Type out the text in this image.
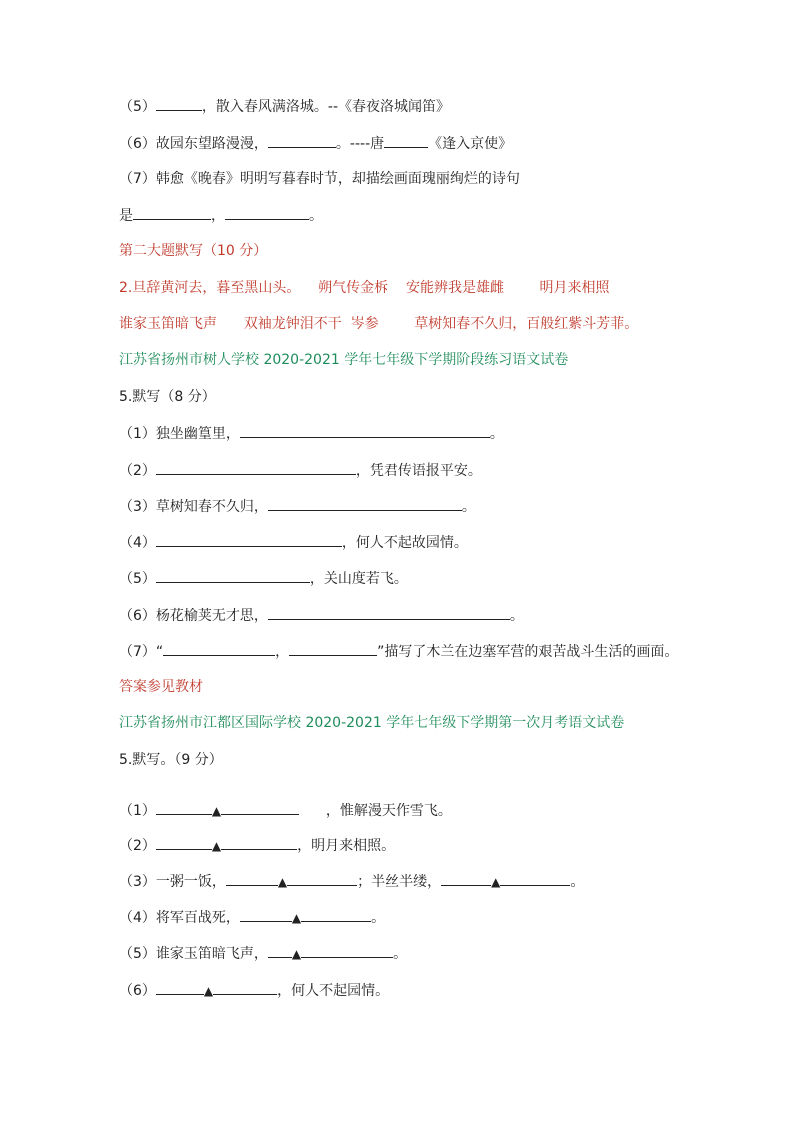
（5）	，散入春风满洛城。--《春夜洛城闻笛》
（6）故园东望路漫漫，	。----唐	《逢入京使》
（7）韩愈《晚春》明明写暮春时节，却描绘画面瑰丽绚烂的诗句
是	，	。
第二大题默写（10 分）
2.旦辞黄河去，暮至黑山头。    朔气传金柝    安能辨我是雄雌        明月来相照
谁家玉笛暗飞声      双袖龙钟泪不干  岑参        草树知春不久归，百般红紫斗芳菲。
江苏省扬州市树人学校 2020-2021 学年七年级下学期阶段练习语文试卷
5.默写（8 分）
（1）独坐幽篁里，	。
（2）	，凭君传语报平安。
（3）草树知春不久归，	。
（4）	，何人不起故园情。
（5）	，关山度若飞。
（6）杨花榆荚无才思，	。
（7）“	，	”描写了木兰在边塞军营的艰苦战斗生活的画面。
答案参见教材
江苏省扬州市江都区国际学校 2020-2021 学年七年级下学期第一次月考语文试卷
5.默写。（9 分）
（1）	▲	，惟解漫天作雪飞。
（2）	▲	，明月来相照。
（3）一粥一饭，	▲	；半丝半缕，	▲	。
（4）将军百战死，	▲	。
（5）谁家玉笛暗飞声， ▲	。
（6）	▲	，何人不起园情。
